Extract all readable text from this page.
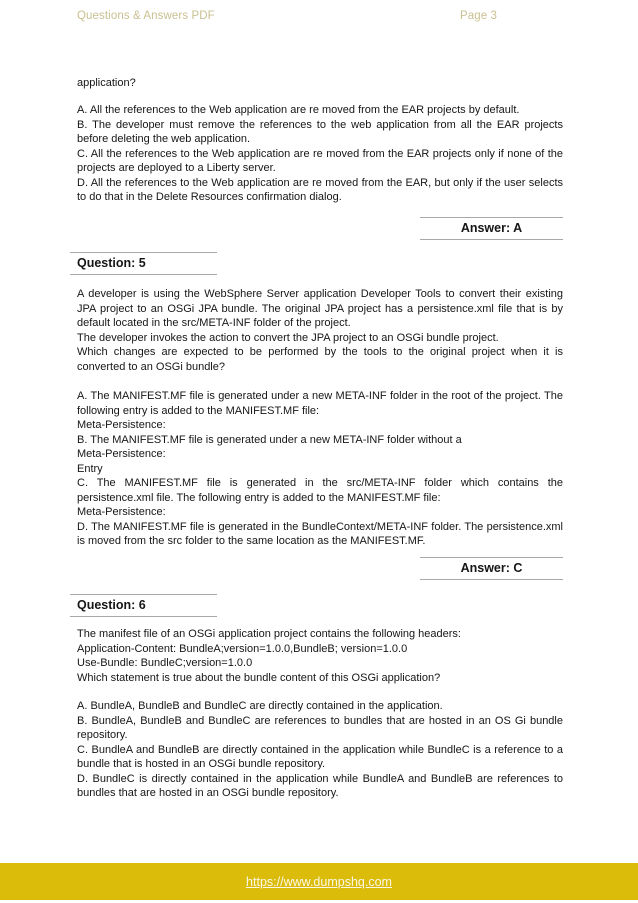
Questions & Answers PDF	Page 3
application?
A. All the references to the Web application are re moved from the EAR projects by default.
B. The developer must remove the references to the web application from all the EAR projects before deleting the web application.
C. All the references to the Web application are re moved from the EAR projects only if none of the projects are deployed to a Liberty server.
D. All the references to the Web application are re moved from the EAR, but only if the user selects to do that in the Delete Resources confirmation dialog.
Answer: A
Question: 5
A developer is using the WebSphere Server application Developer Tools to convert their existing JPA project to an OSGi JPA bundle. The original JPA project has a persistence.xml file that is by default located in the src/META-INF folder of the project.
The developer invokes the action to convert the JPA project to an OSGi bundle project.
Which changes are expected to be performed by the tools to the original project when it is converted to an OSGi bundle?
A. The MANIFEST.MF file is generated under a new META-INF folder in the root of the project. The following entry is added to the MANIFEST.MF file:
Meta-Persistence:
B. The MANIFEST.MF file is generated under a new META-INF folder without a
Meta-Persistence:
Entry
C. The MANIFEST.MF file is generated in the src/META-INF folder which contains the persistence.xml file. The following entry is added to the MANIFEST.MF file:
Meta-Persistence:
D. The MANIFEST.MF file is generated in the BundleContext/META-INF folder. The persistence.xml is moved from the src folder to the same location as the MANIFEST.MF.
Answer: C
Question: 6
The manifest file of an OSGi application project contains the following headers:
Application-Content: BundleA;version=1.0.0,BundleB; version=1.0.0
Use-Bundle: BundleC;version=1.0.0
Which statement is true about the bundle content of this OSGi application?
A. BundleA, BundleB and BundleC are directly contained in the application.
B. BundleA, BundleB and BundleC are references to bundles that are hosted in an OS Gi bundle repository.
C. BundleA and BundleB are directly contained in the application while BundleC is a reference to a bundle that is hosted in an OSGi bundle repository.
D. BundleC is directly contained in the application while BundleA and BundleB are references to bundles that are hosted in an OSGi bundle repository.
https://www.dumpshq.com
